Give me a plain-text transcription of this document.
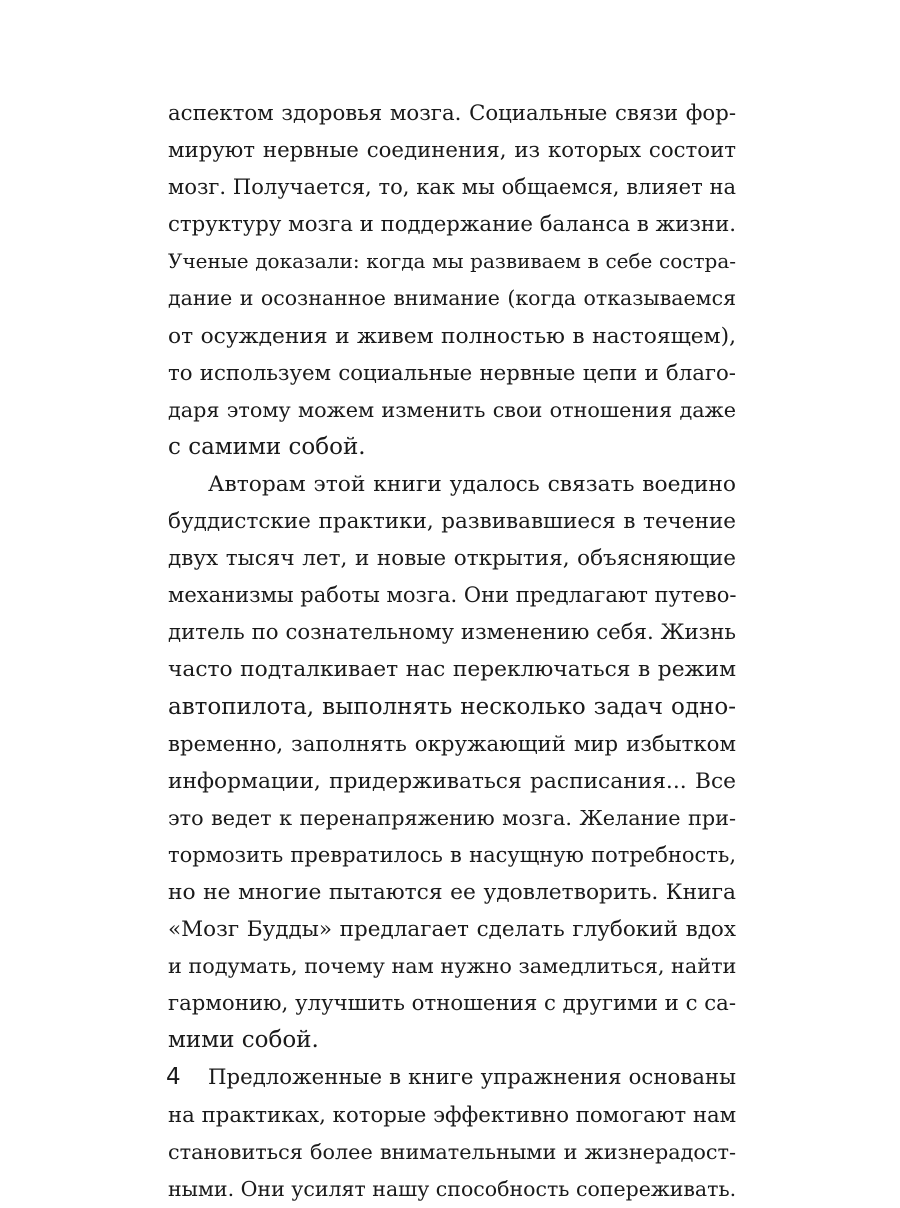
аспектом здоровья мозга. Социальные связи фор-
мируют нервные соединения, из которых состоит
мозг. Получается, то, как мы общаемся, влияет на
структуру мозга и поддержание баланса в жизни.
Ученые доказали: когда мы развиваем в себе состра-
дание и осознанное внимание (когда отказываемся
от осуждения и живем полностью в настоящем),
то используем социальные нервные цепи и благо-
даря этому можем изменить свои отношения даже
с самими собой.
Авторам этой книги удалось связать воедино
буддистские практики, развивавшиеся в течение
двух тысяч лет, и новые открытия, объясняющие
механизмы работы мозга. Они предлагают путево-
дитель по сознательному изменению себя. Жизнь
часто подталкивает нас переключаться в режим
автопилота, выполнять несколько задач одно-
временно, заполнять окружающий мир избытком
информации, придерживаться расписания... Все
это ведет к перенапряжению мозга. Желание при-
тормозить превратилось в насущную потребность,
но не многие пытаются ее удовлетворить. Книга
«Мозг Будды» предлагает сделать глубокий вдох
и подумать, почему нам нужно замедлиться, найти
гармонию, улучшить отношения с другими и с са-
мими собой.
Предложенные в книге упражнения основаны
на практиках, которые эффективно помогают нам
становиться более внимательными и жизнерадост-
ными. Они усилят нашу способность сопереживать.
4
